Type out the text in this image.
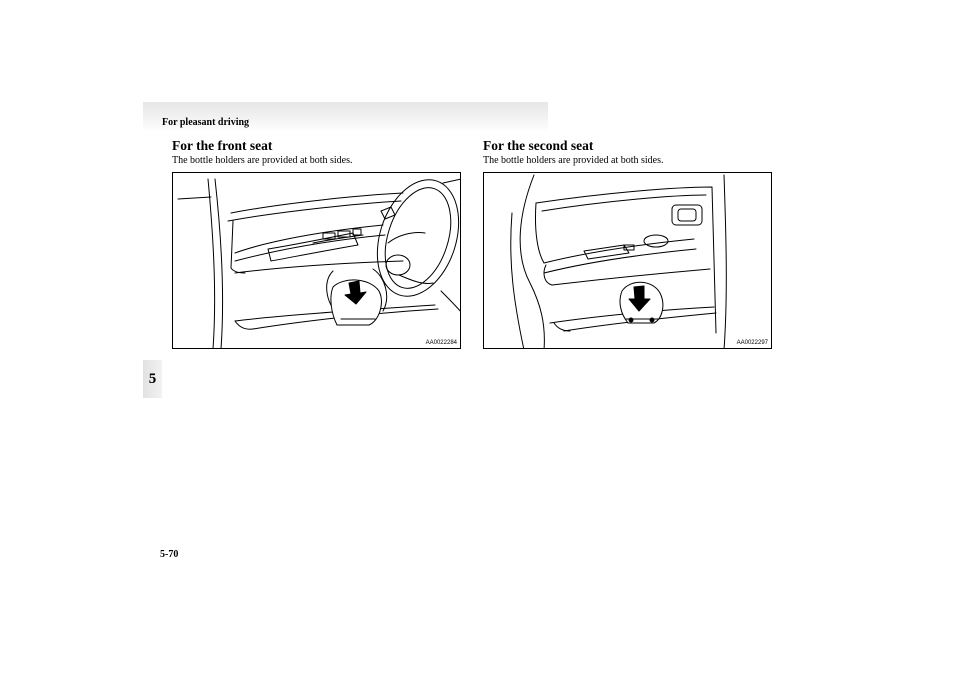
For pleasant driving
5
For the front seat
The bottle holders are provided at both sides.
AA0022284
For the second seat
The bottle holders are provided at both sides.
AA0022297
5-70
